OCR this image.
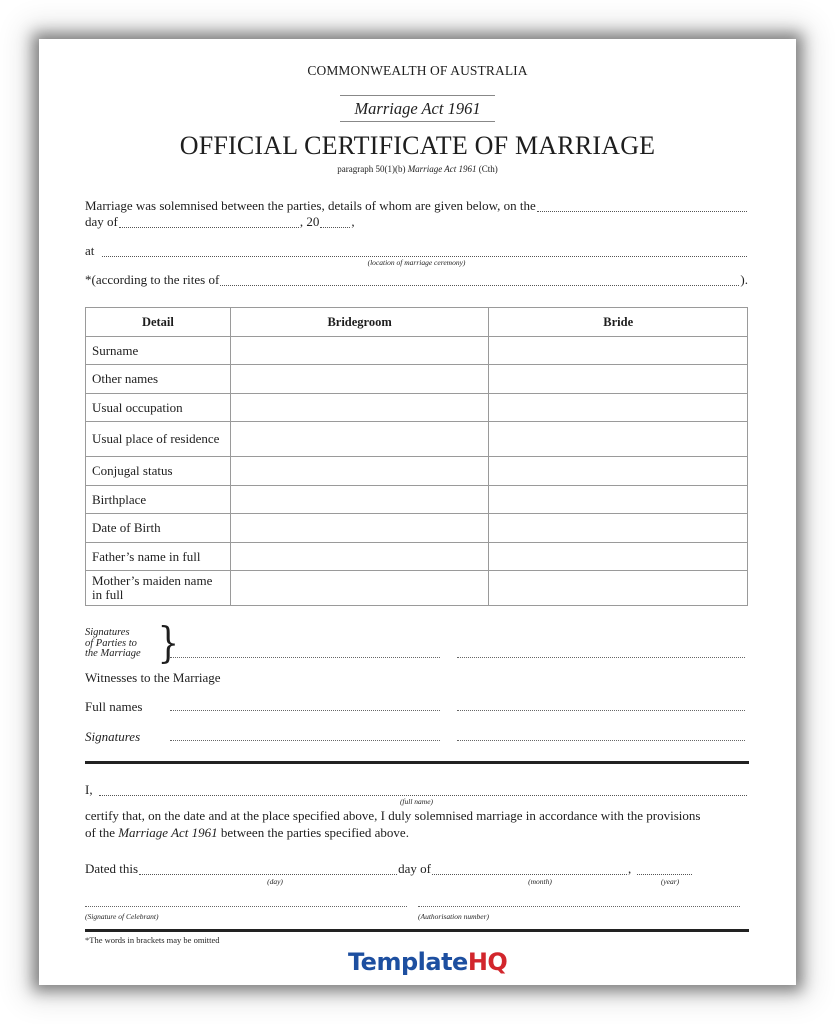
COMMONWEALTH OF AUSTRALIA
Marriage Act 1961
OFFICIAL CERTIFICATE OF MARRIAGE
paragraph 50(1)(b) Marriage Act 1961 (Cth)
Marriage was solemnised between the parties, details of whom are given below, on the
day of	, 20 ,
at
(location of marriage ceremony)
*(according to the rites of	).
Detail	Bridegroom	Bride
Surname		
Other names		
Usual occupation		
Usual place of residence		
Conjugal status		
Birthplace		
Date of Birth		
Father’s name in full		
Mother’s maiden name in full		
Signatures
of Parties to
the Marriage }
Witnesses to the Marriage
Full names
Signatures
I,
(full name)
certify that, on the date and at the place specified above, I duly solemnised marriage in accordance with the provisions
of the Marriage Act 1961 between the parties specified above.
Dated this	day of	,
(day)	(month)	(year)
(Signature of Celebrant)	(Authorisation number)
*The words in brackets may be omitted
TemplateHQ
